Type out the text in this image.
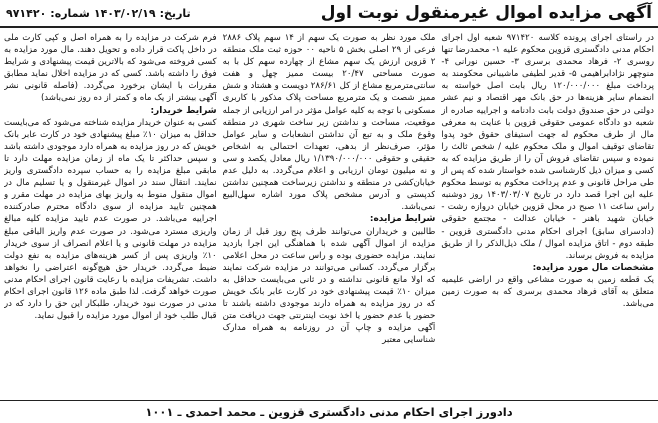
آگهی مزایده اموال غیرمنقول نوبت اول
تاریخ:
۱۴۰۳/۰۲/۱۹
شماره:
۹۷۱۴۲۰

در راستای اجرای پرونده کلاسه ۹۷۱۴۲۰ شعبه اول اجرای احکام مدنی دادگستری قزوین محکوم علیه ۱- محمدرضا تنها روسری ۲- فرهاد محمدی برسری ۳- حسین نورانی ۴- منوچهر نژادابراهیمی ۵- قدیر لطیفی ماشیبانی محکومند به پرداخت مبلغ ۱۲۰/۰۰۰/۰۰۰ ریال بابت اصل خواسته به انضمام سایر هزینه‌ها در حق بانک مهر اقتصاد و نیم عشر دولتی در حق صندوق دولت بابت دادنامه و اجراییه صادره از شعبه دو دادگاه عمومی حقوقی قزوین با عنایت به معرفی مال از طرف محکوم له جهت استیفای حقوق خود پدوا تقاضای توقیف اموال و ملک محکوم علیه / شخص ثالث را نموده و سپس تقاضای فروش آن را از طریق مزایده که به کسی و میزان ذیل کارشناسی شده خواستار شده که پس از طی مراحل قانونی و عدم پرداخت محکوم به توسط محکوم علیه این اجرا قصد دارد در تاریخ ۱۴۰۳/۰۳/۰۷ روز دوشنبه راس ساعت ۱۱ صبح در محل قزوین خیابان دروازه رشت - خیابان شهید باهنر - خیابان عدالت - مجتمع حقوقی (دادسرای سابق) اجرای احکام مدنی دادگستری قزوین - طبقه دوم - اتاق مزایده اموال / ملک ذیل‌الذکر را از طریق مزایده به فروش برساند.

مشخصات مال مورد مزایده:

یک قطعه زمین به صورت مشاعی واقع در اراضی علیمیه متعلق به آقای فرهاد محمدی برسری که به صورت زمین می‌باشد.

ملک مورد نظر به صورت یک سهم از ۱۴ سهم پلاک ۲۸۸۶ فرعی از ۲۹ اصلی بخش ۵ ناحیه ۰۰ حوزه ثبت ملک منطقه ۲ قزوین ارزش یک سهم مشاع از چهارده سهم کل با به صورت مساحتی ۲۰/۴۷ بیست ممیز چهل و هفت سانتی‌مترمربع مشاع از کل ۲۸۶/۶۱ دویست و هشتاد و شش ممیز شصت و یک مترمربع مساحت پلاک مذکور با کاربری مسکونی با توجه به کلیه عوامل مؤثر در امر ارزیابی از جمله موقعیت، مساحت و نداشتن زیر ساخت شهری در منطقه وقوع ملک و به تبع آن نداشتن انشعابات و سایر عوامل مؤثر، صرف‌نظر از بدهی، تعهدات احتمالی به اشخاص حقیقی و حقوقی ۱/۱۳۹۰/۰۰۰/۰۰۰ ریال معادل یکصد و سی و نه میلیون تومان ارزیابی و اعلام می‌گردد. به دلیل عدم خیابان‌کشی در منطقه و نداشتن زیرساخت همچنین نداشتن کدپستی و آدرس مشخص پلاک مورد اشاره سهل‌البیع نمی‌باشد.

شرایط مزایده:

طالبین و خریداران می‌توانند ظرف پنج روز قبل از زمان مزایده از اموال آگهی شده با هماهنگی این اجرا بازدید نمایند. مزایده حضوری بوده و راس ساعت در محل اعلامی برگزار می‌گردد. کسانی می‌توانند در مزایده شرکت نمایند که اولا مانع قانونی نداشته و در ثانی می‌بایست حداقل به میزان ۱۰٪ قیمت پیشنهادی خود در کارت عابر بانک خویش که در روز مزایده به همراه دارند موجودی داشته باشند تا حضور یا عدم حضور یا اخذ نوبت اینترنتی جهت دریافت متن آگهی مزایده و چاپ آن در روزنامه به همراه مدارک شناسایی معتبر

فرم شرکت در مزایده را به همراه اصل و کپی کارت ملی در داخل پاکت قرار داده و تحویل دهند. مال مورد مزایده به کسی فروخته می‌شود که بالاترین قیمت پیشنهادی و شرایط فوق را داشته باشد. کسی که در مزایده اخلال نماید مطابق مقررات با ایشان برخورد می‌گردد. (فاصله قانونی نشر آگهی بیشتر از یک ماه و کمتر از ده روز نمی‌باشد)

شرایط خریدار:

کسی به عنوان خریدار مزایده شناخته می‌شود که می‌بایست حداقل به میزان ۱۰٪ مبلغ پیشنهادی خود در کارت عابر بانک خویش که در روز مزایده به همراه دارد موجودی داشته باشد و سپس حداکثر تا یک ماه از زمان مزایده مهلت دارد تا مابقی مبلغ مزایده را به حساب سپرده دادگستری واریز نمایند. انتقال سند در اموال غیرمنقول و یا تسلیم مال در اموال منقول منوط به واریز بهای مزایده در مهلت مقرر و همچنین تایید مزایده از سوی دادگاه محترم صادرکننده اجراییه می‌باشد. در صورت عدم تایید مزایده کلیه مبالغ واریزی مسترد می‌شود. در صورت عدم واریز الباقی مبلغ مزایده در مهلت قانونی و یا اعلام انصراف از سوی خریدار ۱۰٪ واریزی پس از کسر هزینه‌های مزایده به نفع دولت ضبط می‌گردد. خریدار حق هیچ‌گونه اعتراضی را نخواهد داشت. تشریفات مزایده با رعایت قانون اجرای احکام مدنی صورت خواهد گرفت. لذا طبق ماده ۱۲۶ قانون اجرای احکام مدنی در صورت نبود خریدار، طلبکار این حق را دارد که در قبال طلب خود از اموال مورد مزایده را قبول نماید.

دادورز اجرای احکام مدنی دادگستری قزوین ـ محمد احمدی ـ ۱۰۰۱
